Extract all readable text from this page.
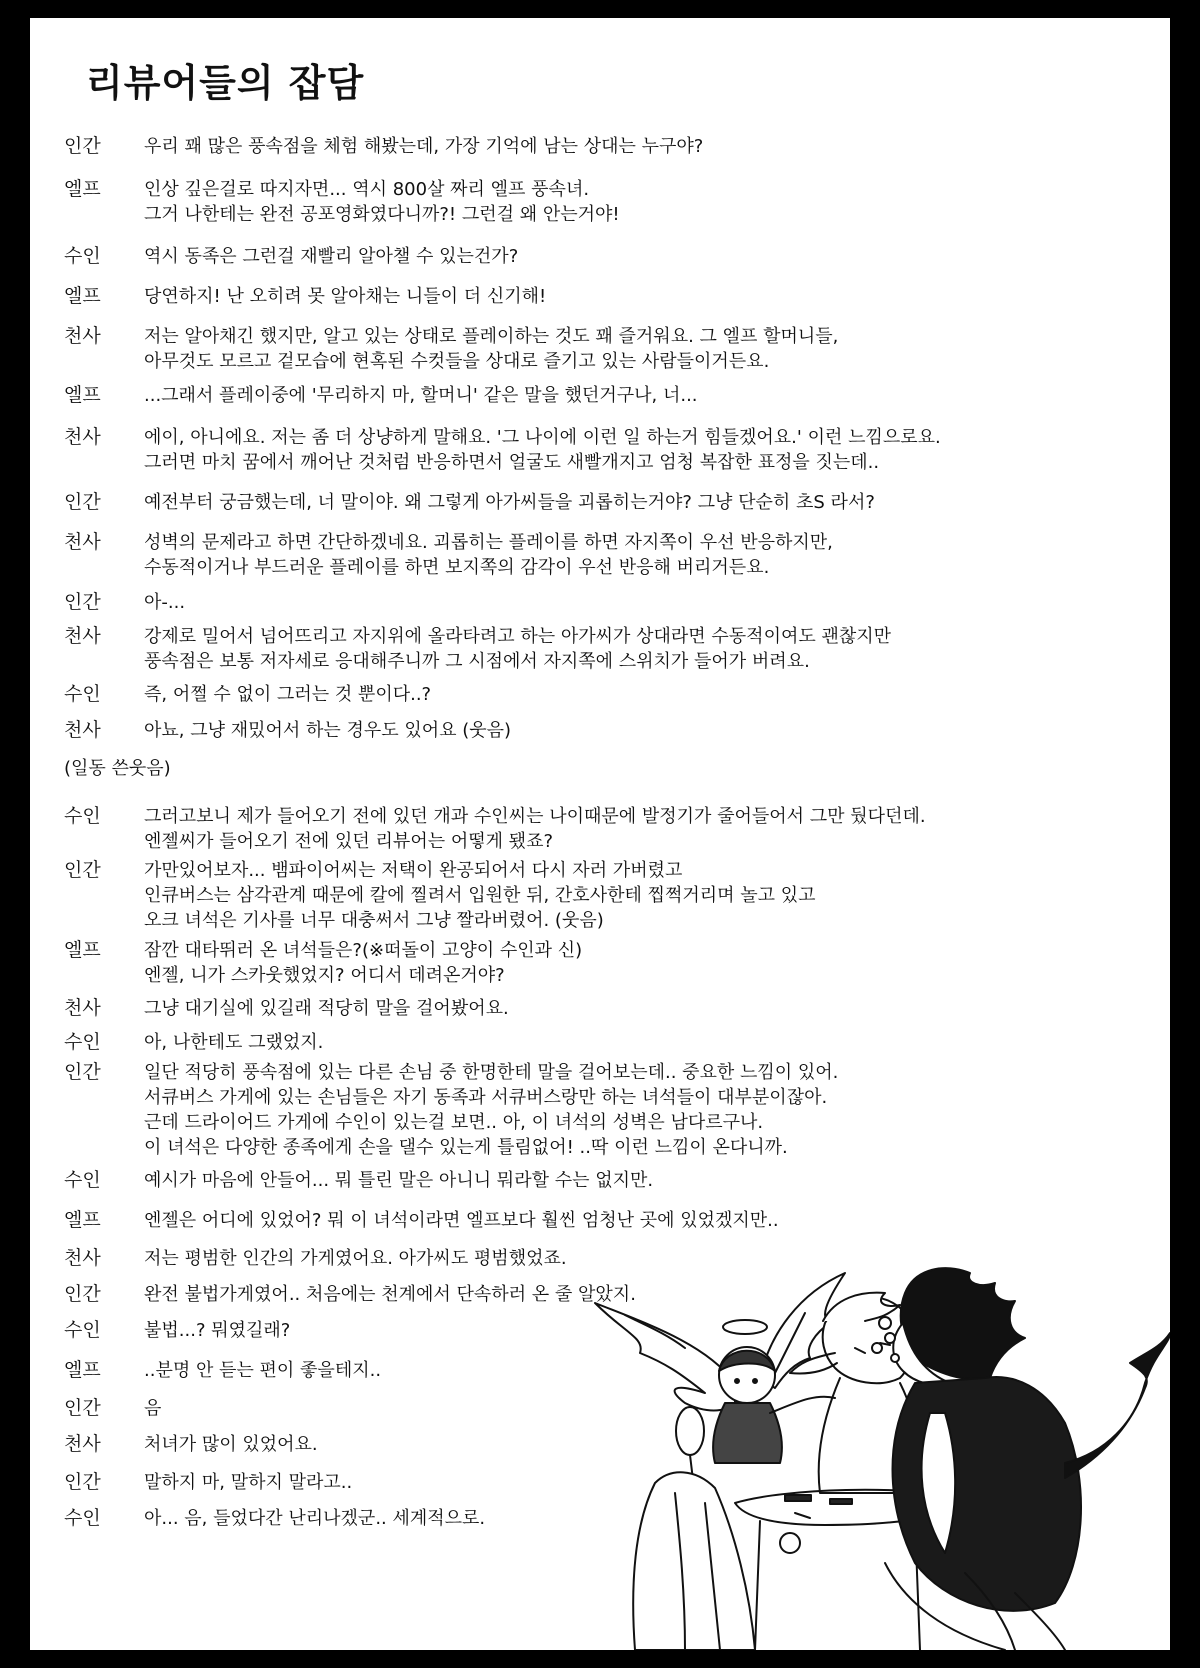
리뷰어들의 잡담
인간	우리 꽤 많은 풍속점을 체험 해봤는데, 가장 기억에 남는 상대는 누구야?
엘프	인상 깊은걸로 따지자면... 역시 800살 짜리 엘프 풍속녀.
그거 나한테는 완전 공포영화였다니까?! 그런걸 왜 안는거야!
수인	역시 동족은 그런걸 재빨리 알아챌 수 있는건가?
엘프	당연하지! 난 오히려 못 알아채는 니들이 더 신기해!
천사	저는 알아채긴 했지만, 알고 있는 상태로 플레이하는 것도 꽤 즐거워요. 그 엘프 할머니들,
아무것도 모르고 겉모습에 현혹된 수컷들을 상대로 즐기고 있는 사람들이거든요.
엘프	...그래서 플레이중에 '무리하지 마, 할머니' 같은 말을 했던거구나, 너...
천사	에이, 아니에요. 저는 좀 더 상냥하게 말해요. '그 나이에 이런 일 하는거 힘들겠어요.' 이런 느낌으로요.
그러면 마치 꿈에서 깨어난 것처럼 반응하면서 얼굴도 새빨개지고 엄청 복잡한 표정을 짓는데..
인간	예전부터 궁금했는데, 너 말이야. 왜 그렇게 아가씨들을 괴롭히는거야? 그냥 단순히 초S 라서?
천사	성벽의 문제라고 하면 간단하겠네요. 괴롭히는 플레이를 하면 자지쪽이 우선 반응하지만,
수동적이거나 부드러운 플레이를 하면 보지쪽의 감각이 우선 반응해 버리거든요.
인간	아-...
천사	강제로 밀어서 넘어뜨리고 자지위에 올라타려고 하는 아가씨가 상대라면 수동적이여도 괜찮지만
풍속점은 보통 저자세로 응대해주니까 그 시점에서 자지쪽에 스위치가 들어가 버려요.
수인	즉, 어쩔 수 없이 그러는 것 뿐이다..?
천사	아뇨, 그냥 재밌어서 하는 경우도 있어요 (웃음)
(일동 쓴웃음)
수인	그러고보니 제가 들어오기 전에 있던 개과 수인씨는 나이때문에 발정기가 줄어들어서 그만 뒀다던데.
엔젤씨가 들어오기 전에 있던 리뷰어는 어떻게 됐죠?
인간	가만있어보자... 뱀파이어씨는 저택이 완공되어서 다시 자러 가버렸고
인큐버스는 삼각관계 때문에 칼에 찔려서 입원한 뒤, 간호사한테 찝쩍거리며 놀고 있고
오크 녀석은 기사를 너무 대충써서 그냥 짤라버렸어. (웃음)
엘프	잠깐 대타뛰러 온 녀석들은?(※떠돌이 고양이 수인과 신)
엔젤, 니가 스카웃했었지? 어디서 데려온거야?
천사	그냥 대기실에 있길래 적당히 말을 걸어봤어요.
수인	아, 나한테도 그랬었지.
인간	일단 적당히 풍속점에 있는 다른 손님 중 한명한테 말을 걸어보는데.. 중요한 느낌이 있어.
서큐버스 가게에 있는 손님들은 자기 동족과 서큐버스랑만 하는 녀석들이 대부분이잖아.
근데 드라이어드 가게에 수인이 있는걸 보면.. 아, 이 녀석의 성벽은 남다르구나.
이 녀석은 다양한 종족에게 손을 댈수 있는게 틀림없어! ..딱 이런 느낌이 온다니까.
수인	예시가 마음에 안들어... 뭐 틀린 말은 아니니 뭐라할 수는 없지만.
엘프	엔젤은 어디에 있었어? 뭐 이 녀석이라면 엘프보다 훨씬 엄청난 곳에 있었겠지만..
천사	저는 평범한 인간의 가게였어요. 아가씨도 평범했었죠.
인간	완전 불법가게였어.. 처음에는 천계에서 단속하러 온 줄 알았지.
수인	불법...? 뭐였길래?
엘프	..분명 안 듣는 편이 좋을테지..
인간	음
천사	처녀가 많이 있었어요.
인간	말하지 마, 말하지 말라고..
수인	아... 음, 들었다간 난리나겠군.. 세계적으로.
